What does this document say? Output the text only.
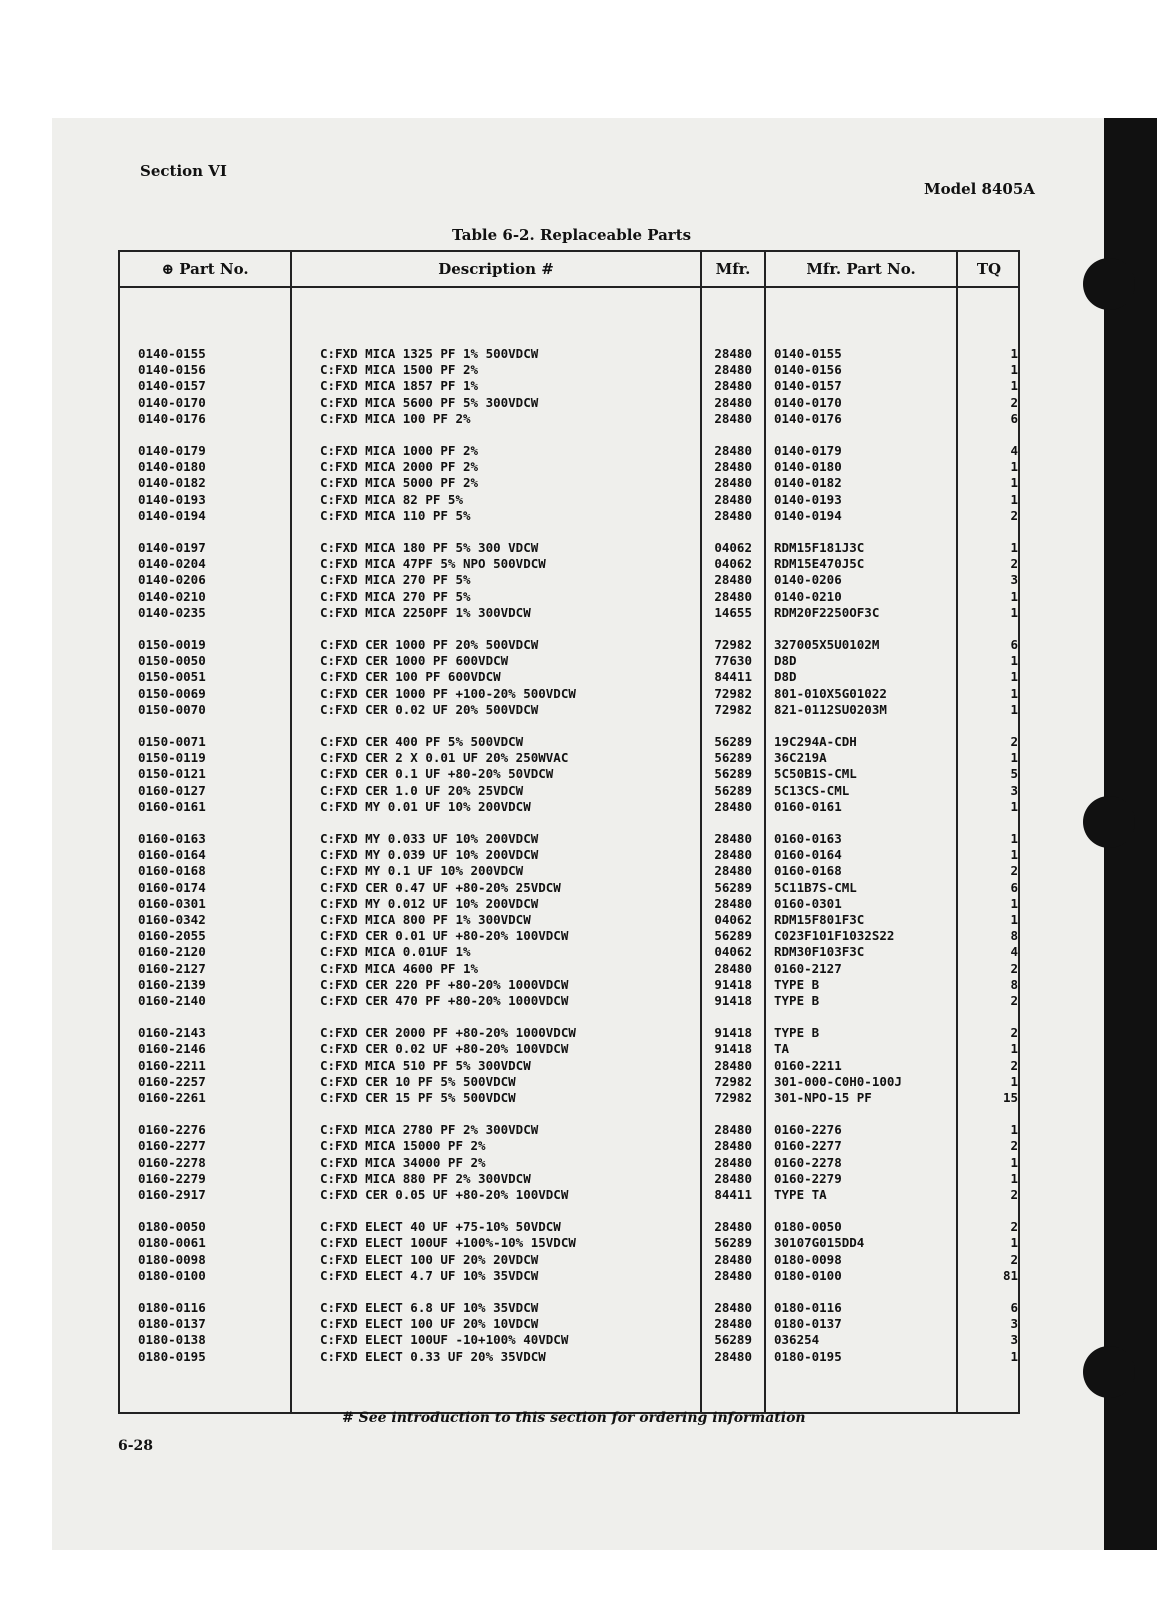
Section VI
Model 8405A
Table 6-2. Replaceable Parts
⊕ Part No.	Description #	Mfr.	Mfr. Part No.	TQ
0140-0155	C:FXD MICA 1325 PF 1% 500VDCW	28480 0140-0155	1
0140-0156	C:FXD MICA 1500 PF 2%	28480 0140-0156	1
0140-0157	C:FXD MICA 1857 PF 1%	28480 0140-0157	1
0140-0170	C:FXD MICA 5600 PF 5% 300VDCW	28480 0140-0170	2
0140-0176	C:FXD MICA 100 PF 2%	28480 0140-0176	6
0140-0179	C:FXD MICA 1000 PF 2%	28480 0140-0179	4
0140-0180	C:FXD MICA 2000 PF 2%	28480 0140-0180	1
0140-0182	C:FXD MICA 5000 PF 2%	28480 0140-0182	1
0140-0193	C:FXD MICA 82 PF 5%	28480 0140-0193	1
0140-0194	C:FXD MICA 110 PF 5%	28480 0140-0194	2
0140-0197	C:FXD MICA 180 PF 5% 300 VDCW	04062 RDM15F181J3C	1
0140-0204	C:FXD MICA 47PF 5% NPO 500VDCW	04062 RDM15E470J5C	2
0140-0206	C:FXD MICA 270 PF 5%	28480 0140-0206	3
0140-0210	C:FXD MICA 270 PF 5%	28480 0140-0210	1
0140-0235	C:FXD MICA 2250PF 1% 300VDCW	14655 RDM20F2250OF3C	1
0150-0019	C:FXD CER 1000 PF 20% 500VDCW	72982 327005X5U0102M	6
0150-0050	C:FXD CER 1000 PF 600VDCW	77630 D8D	1
0150-0051	C:FXD CER 100 PF 600VDCW	84411 D8D	1
0150-0069	C:FXD CER 1000 PF +100-20% 500VDCW	72982 801-010X5G01022	1
0150-0070	C:FXD CER 0.02 UF 20% 500VDCW	72982 821-0112SU0203M	1
0150-0071	C:FXD CER 400 PF 5% 500VDCW	56289 19C294A-CDH	2
0150-0119	C:FXD CER 2 X 0.01 UF 20% 250WVAC	56289 36C219A	1
0150-0121	C:FXD CER 0.1 UF +80-20% 50VDCW	56289 5C50B1S-CML	5
0160-0127	C:FXD CER 1.0 UF 20% 25VDCW	56289 5C13CS-CML	3
0160-0161	C:FXD MY 0.01 UF 10% 200VDCW	28480 0160-0161	1
0160-0163	C:FXD MY 0.033 UF 10% 200VDCW	28480 0160-0163	1
0160-0164	C:FXD MY 0.039 UF 10% 200VDCW	28480 0160-0164	1
0160-0168	C:FXD MY 0.1 UF 10% 200VDCW	28480 0160-0168	2
0160-0174	C:FXD CER 0.47 UF +80-20% 25VDCW	56289 5C11B7S-CML	6
0160-0301	C:FXD MY 0.012 UF 10% 200VDCW	28480 0160-0301	1
0160-0342	C:FXD MICA 800 PF 1% 300VDCW	04062 RDM15F801F3C	1
0160-2055	C:FXD CER 0.01 UF +80-20% 100VDCW	56289 C023F101F1032S22	8
0160-2120	C:FXD MICA 0.01UF 1%	04062 RDM30F103F3C	4
0160-2127	C:FXD MICA 4600 PF 1%	28480 0160-2127	2
0160-2139	C:FXD CER 220 PF +80-20% 1000VDCW	91418 TYPE B	8
0160-2140	C:FXD CER 470 PF +80-20% 1000VDCW	91418 TYPE B	2
0160-2143	C:FXD CER 2000 PF +80-20% 1000VDCW	91418 TYPE B	2
0160-2146	C:FXD CER 0.02 UF +80-20% 100VDCW	91418 TA	1
0160-2211	C:FXD MICA 510 PF 5% 300VDCW	28480 0160-2211	2
0160-2257	C:FXD CER 10 PF 5% 500VDCW	72982 301-000-C0H0-100J	1
0160-2261	C:FXD CER 15 PF 5% 500VDCW	72982 301-NPO-15 PF	15
0160-2276	C:FXD MICA 2780 PF 2% 300VDCW	28480 0160-2276	1
0160-2277	C:FXD MICA 15000 PF 2%	28480 0160-2277	2
0160-2278	C:FXD MICA 34000 PF 2%	28480 0160-2278	1
0160-2279	C:FXD MICA 880 PF 2% 300VDCW	28480 0160-2279	1
0160-2917	C:FXD CER 0.05 UF +80-20% 100VDCW	84411 TYPE TA	2
0180-0050	C:FXD ELECT 40 UF +75-10% 50VDCW	28480 0180-0050	2
0180-0061	C:FXD ELECT 100UF +100%-10% 15VDCW	56289 30107G015DD4	1
0180-0098	C:FXD ELECT 100 UF 20% 20VDCW	28480 0180-0098	2
0180-0100	C:FXD ELECT 4.7 UF 10% 35VDCW	28480 0180-0100	81
0180-0116	C:FXD ELECT 6.8 UF 10% 35VDCW	28480 0180-0116	6
0180-0137	C:FXD ELECT 100 UF 20% 10VDCW	28480 0180-0137	3
0180-0138	C:FXD ELECT 100UF -10+100% 40VDCW	56289 036254	3
0180-0195	C:FXD ELECT 0.33 UF 20% 35VDCW	28480 0180-0195	1
# See introduction to this section for ordering information
6-28
